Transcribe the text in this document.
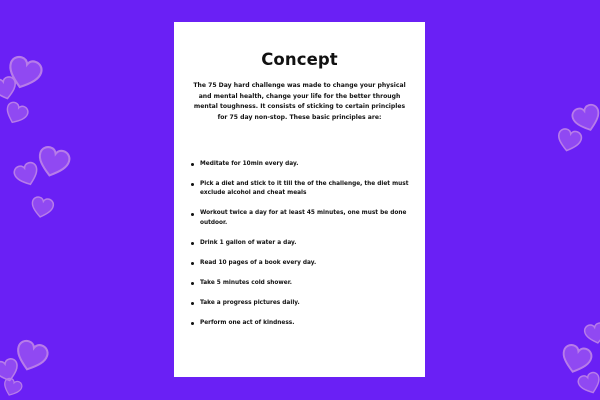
Concept

The 75 Day hard challenge was made to change your physical and mental health, change your life for the better through mental toughness. It consists of sticking to certain principles for 75 day non-stop. These basic principles are:

Meditate for 10min every day.
Pick a diet and stick to it till the of the challenge, the diet must exclude alcohol and cheat meals
Workout twice a day for at least 45 minutes, one must be done outdoor.
Drink 1 gallon of water a day.
Read 10 pages of a book every day.
Take 5 minutes cold shower.
Take a progress pictures daily.
Perform one act of kindness.
